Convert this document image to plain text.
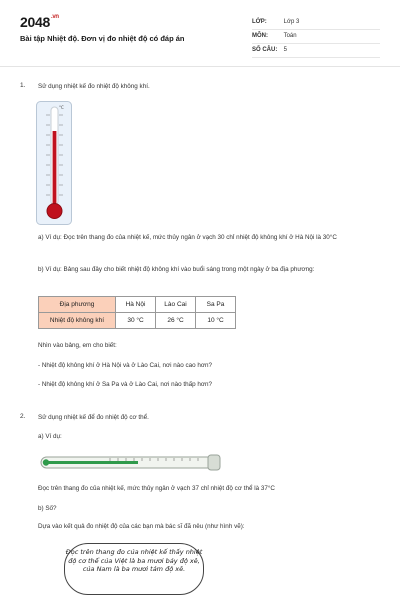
$2048^{.vn}$
Bài tập Nhiệt độ. Đơn vị đo nhiệt độ có đáp án
LỚP:	Lớp 3
MÔN:	Toán
SỐ CÂU: 5
1. Sử dụng nhiệt kế đo nhiệt độ không khí.
°C
a) Ví dụ: Đọc trên thang đo của nhiệt kế, mức thủy ngân ở vạch 30 chỉ nhiệt độ không khí ở Hà Nội là 30°C
b) Ví dụ: Bảng sau đây cho biết nhiệt độ không khí vào buổi sáng trong một ngày ở ba địa phương:
Địa phương	Hà Nội	Lào Cai	Sa Pa
Nhiệt độ không khí	30 °C	26 °C	10 °C
Nhìn vào bảng, em cho biết:
- Nhiệt độ không khí ở Hà Nội và ở Lào Cai, nơi nào cao hơn?
- Nhiệt độ không khí ở Sa Pa và ở Lào Cai, nơi nào thấp hơn?
2. Sử dụng nhiệt kế để đo nhiệt độ cơ thể.
a) Ví dụ:
Đọc trên thang đo của nhiệt kế, mức thủy ngân ở vạch 37 chỉ nhiệt độ cơ thể là 37°C
b) Số?
Dựa vào kết quả đo nhiệt độ của các bạn mà bác sĩ đã nêu (như hình vẽ):
Đọc trên thang đo của nhiệt kế thấy nhiệt độ cơ thể của Việt là ba mươi bảy độ xê, của Nam là ba mươi tám độ xê.
